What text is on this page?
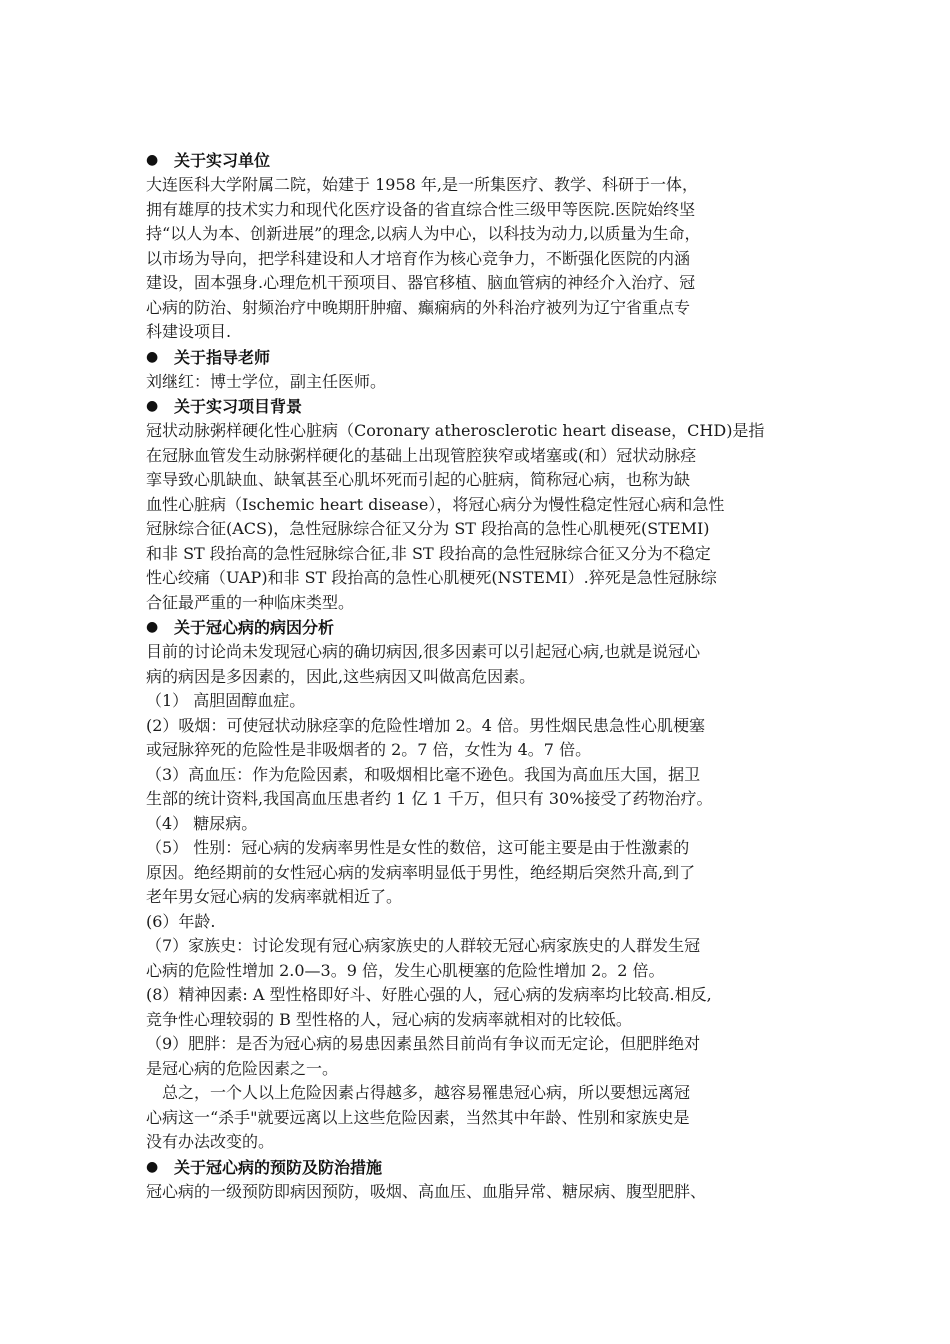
● 关于实习单位

大连医科大学附属二院，始建于 1958 年,是一所集医疗、教学、科研于一体，

拥有雄厚的技术实力和现代化医疗设备的省直综合性三级甲等医院.医院始终坚

持“以人为本、创新进展”的理念,以病人为中心，以科技为动力,以质量为生命，

以市场为导向，把学科建设和人才培育作为核心竞争力，不断强化医院的内涵

建设，固本强身.心理危机干预项目、器官移植、脑血管病的神经介入治疗、冠

心病的防治、射频治疗中晚期肝肿瘤、癫痫病的外科治疗被列为辽宁省重点专

科建设项目.

● 关于指导老师

刘继红：博士学位，副主任医师。

● 关于实习项目背景

冠状动脉粥样硬化性心脏病（Coronary atherosclerotic heart disease，CHD)是指

在冠脉血管发生动脉粥样硬化的基础上出现管腔狭窄或堵塞或(和）冠状动脉痉

挛导致心肌缺血、缺氧甚至心肌坏死而引起的心脏病，简称冠心病，也称为缺

血性心脏病（Ischemic heart disease），将冠心病分为慢性稳定性冠心病和急性

冠脉综合征(ACS)，急性冠脉综合征又分为 ST 段抬高的急性心肌梗死(STEMI)

和非 ST 段抬高的急性冠脉综合征,非 ST 段抬高的急性冠脉综合征又分为不稳定

性心绞痛（UAP)和非 ST 段抬高的急性心肌梗死(NSTEMI）.猝死是急性冠脉综

合征最严重的一种临床类型。

● 关于冠心病的病因分析

目前的讨论尚未发现冠心病的确切病因,很多因素可以引起冠心病,也就是说冠心

病的病因是多因素的，因此,这些病因又叫做高危因素。

（1） 高胆固醇血症。

(2）吸烟：可使冠状动脉痉挛的危险性增加 2。4 倍。男性烟民患急性心肌梗塞

或冠脉猝死的危险性是非吸烟者的 2。7 倍，女性为 4。7 倍。

（3）高血压：作为危险因素，和吸烟相比毫不逊色。我国为高血压大国，据卫

生部的统计资料,我国高血压患者约 1 亿 1 千万，但只有 30%接受了药物治疗。

（4） 糖尿病。

（5） 性别：冠心病的发病率男性是女性的数倍，这可能主要是由于性激素的

原因。绝经期前的女性冠心病的发病率明显低于男性，绝经期后突然升高,到了

老年男女冠心病的发病率就相近了。

(6）年龄.

（7）家族史：讨论发现有冠心病家族史的人群较无冠心病家族史的人群发生冠

心病的危险性增加 2.0—3。9 倍，发生心肌梗塞的危险性增加 2。2 倍。

(8）精神因素: A 型性格即好斗、好胜心强的人，冠心病的发病率均比较高.相反,

竞争性心理较弱的 B 型性格的人，冠心病的发病率就相对的比较低。

（9）肥胖：是否为冠心病的易患因素虽然目前尚有争议而无定论，但肥胖绝对

是冠心病的危险因素之一。

总之，一个人以上危险因素占得越多，越容易罹患冠心病，所以要想远离冠

心病这一“杀手"就要远离以上这些危险因素，当然其中年龄、性别和家族史是

没有办法改变的。

● 关于冠心病的预防及防治措施

冠心病的一级预防即病因预防，吸烟、高血压、血脂异常、糖尿病、腹型肥胖、
